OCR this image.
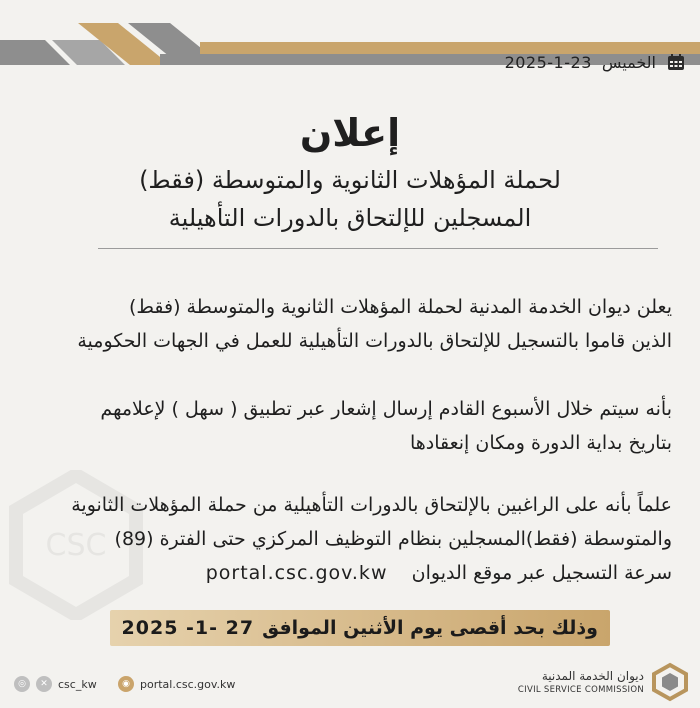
الخميس
2025-1-23
إعلان
لحملة المؤهلات الثانوية والمتوسطة (فقط)
المسجلين للإلتحاق بالدورات التأهيلية
CSC
يعلن ديوان الخدمة المدنية لحملة المؤهلات الثانوية والمتوسطة (فقط)
الذين قاموا بالتسجيل للإلتحاق بالدورات التأهيلية للعمل في الجهات الحكومية
بأنه سيتم خلال الأسبوع القادم إرسال إشعار عبر تطبيق ( سهل ) لإعلامهم
بتاريخ بداية الدورة ومكان إنعقادها
علماً بأنه على الراغبين بالإلتحاق بالدورات التأهيلية من حملة المؤهلات الثانوية
والمتوسطة (فقط)المسجلين بنظام التوظيف المركزي حتى الفترة (89)
سرعة التسجيل عبر موقع الديوان    portal.csc.gov.kw
وذلك بحد أقصى يوم الأثنين الموافق
2025 -1- 27
◎	✕ csc_kw	◉ portal.csc.gov.kw
ديوان الخدمة المدنية
CIVIL SERVICE COMMISSION
